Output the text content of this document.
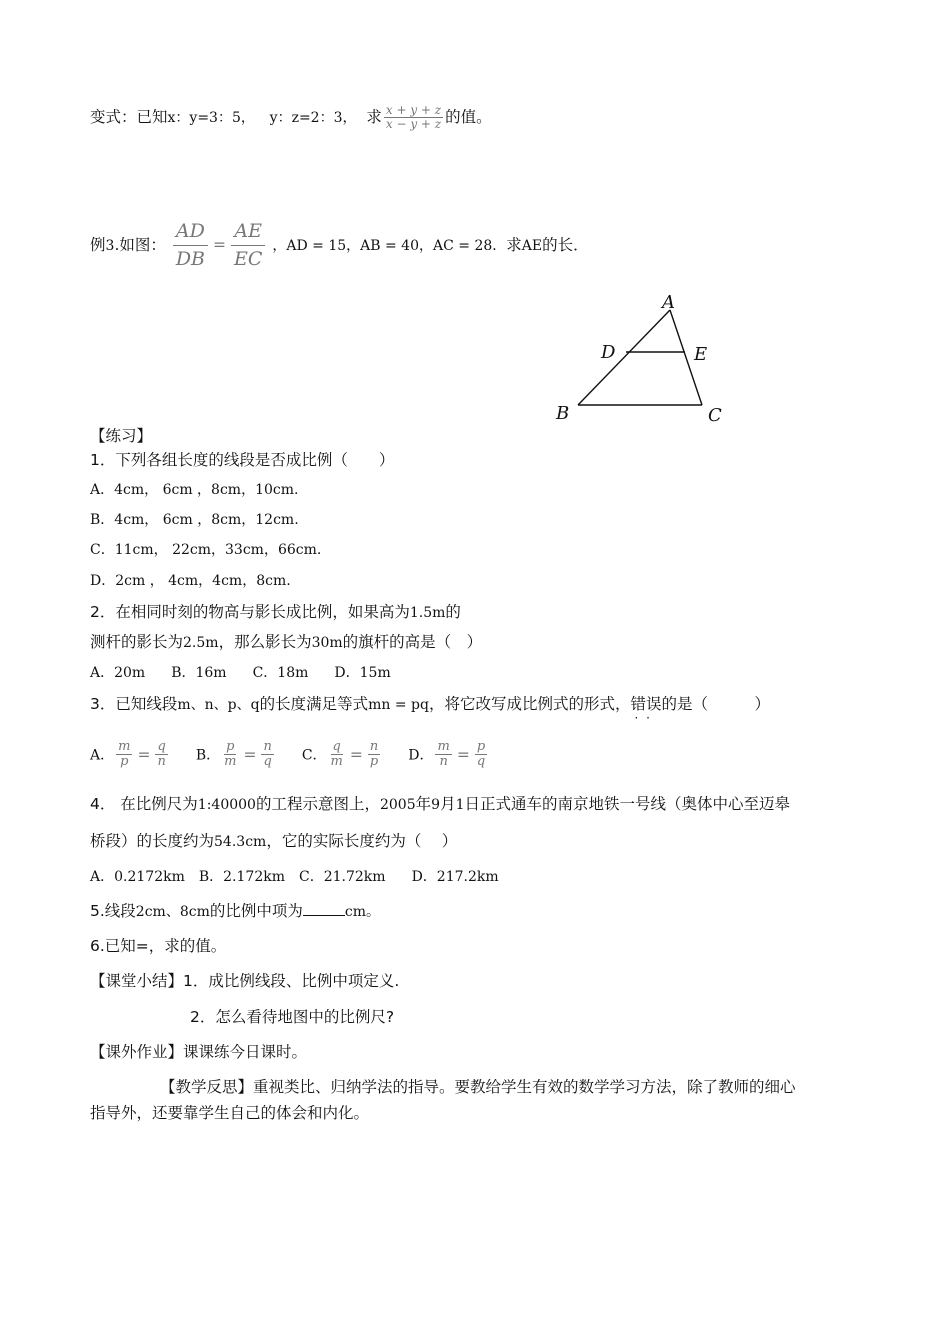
变式：已知x：y=3：5， y：z=2：3， 求 $\frac{x + y + z}{x - y + z}$ 的值。
例3.如图： $\frac{AD}{DB} = \frac{AE}{EC}$ ，AD = 15，AB = 40，AC = 28．求AE的长．
A
D	E
B	C
【练习】
1．下列各组长度的线段是否成比例（　　）
A．4cm， 6cm ，8cm，10cm.
B．4cm， 6cm ，8cm，12cm.
C．11cm， 22cm，33cm，66cm.
D．2cm ， 4cm，4cm，8cm.
2．在相同时刻的物高与影长成比例，如果高为1.5m的
测杆的影长为2.5m，那么影长为30m的旗杆的高是（　）
A．20m B．16m C．18m D．15m
3．已知线段m、n、p、q的长度满足等式mn = pq，将它改写成比例式的形式，错误 · ·的是（　　　）
A． $\frac{m}{p} = \frac{q}{n}$ B． $\frac{p}{m} = \frac{n}{q}$ C． $\frac{q}{m} = \frac{n}{p}$ D． $\frac{m}{n} = \frac{p}{q}$
4． 在比例尺为1:40000的工程示意图上，2005年9月1日正式通车的南京地铁一号线（奥体中心至迈皋
桥段）的长度约为54.3cm，它的实际长度约为（　 ）
A．0.2172km B．2.172km C．21.72km D．217.2km
5.线段2cm、8cm的比例中项为	cm。
6.已知=，求的值。
【课堂小结】1．成比例线段、比例中项定义.
2．怎么看待地图中的比例尺?
【课外作业】课课练今日课时。
【教学反思】重视类比、归纳学法的指导。要教给学生有效的数学学习方法，除了教师的细心
指导外，还要靠学生自己的体会和内化。
